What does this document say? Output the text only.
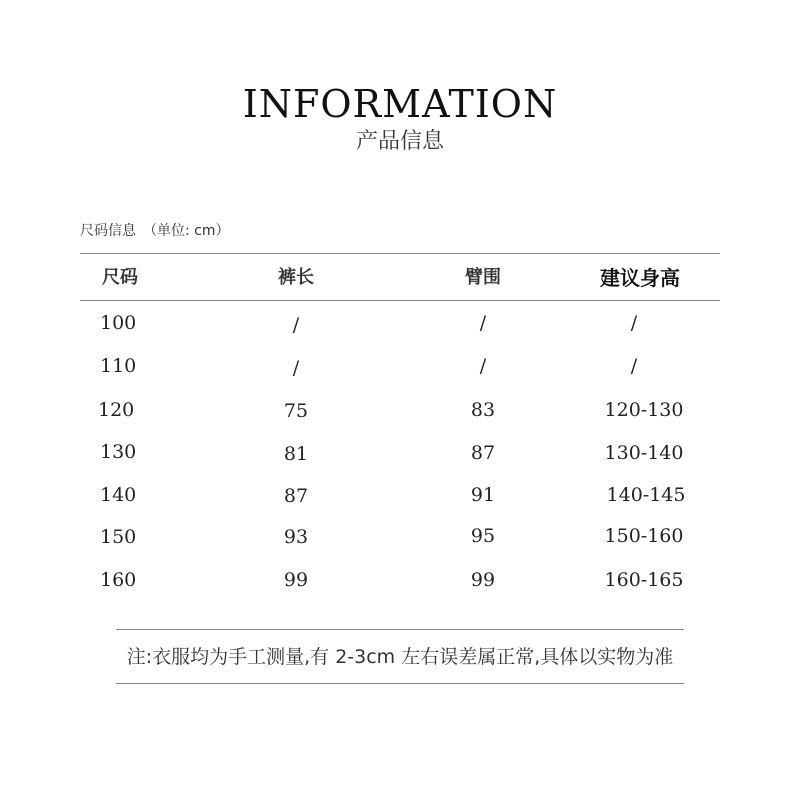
INFORMATION
产品信息
尺码信息　（单位: cm）
尺码	裤长	臂围	建议身高
100	/	/	/
110	/	/	/
120	75	83	120-130
130	81	87	130-140
140	87	91	140-145
150	93	95	150-160
160	99	99	160-165
注:衣服均为手工测量,有 2-3cm 左右误差属正常,具体以实物为准
